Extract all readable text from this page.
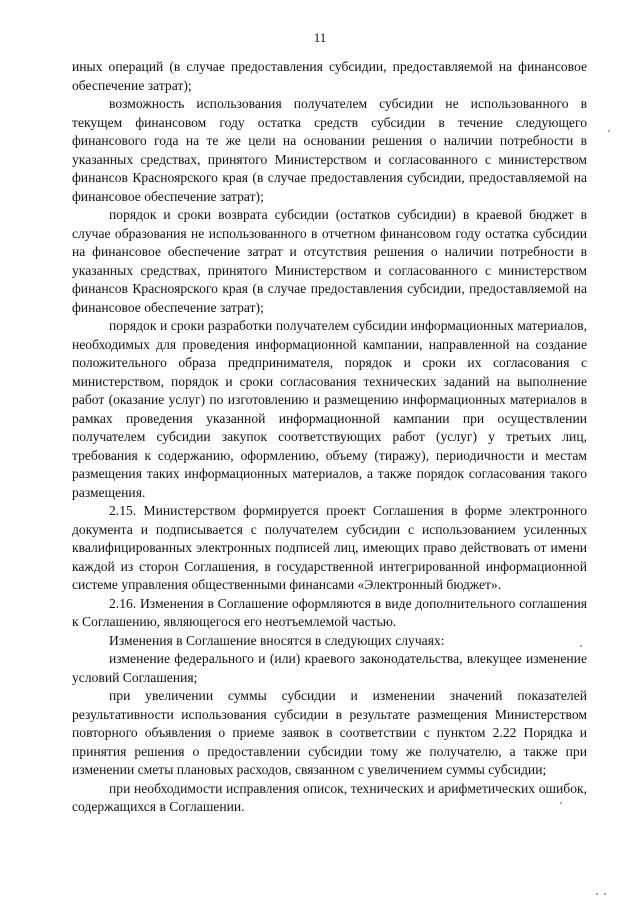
11

иных операций (в случае предоставления субсидии, предоставляемой на финансовое обеспечение затрат);

возможность использования получателем субсидии не использованного в текущем финансовом году остатка средств субсидии в течение следующего финансового года на те же цели на основании решения о наличии потребности в указанных средствах, принятого Министерством и согласованного с министерством финансов Красноярского края (в случае предоставления субсидии, предоставляемой на финансовое обеспечение затрат);

порядок и сроки возврата субсидии (остатков субсидии) в краевой бюджет в случае образования не использованного в отчетном финансовом году остатка субсидии на финансовое обеспечение затрат и отсутствия решения о наличии потребности в указанных средствах, принятого Министерством и согласованного с министерством финансов Красноярского края (в случае предоставления субсидии, предоставляемой на финансовое обеспечение затрат);

порядок и сроки разработки получателем субсидии информационных материалов, необходимых для проведения информационной кампании, направленной на создание положительного образа предпринимателя, порядок и сроки их согласования с министерством, порядок и сроки согласования технических заданий на выполнение работ (оказание услуг) по изготовлению и размещению информационных материалов в рамках проведения указанной информационной кампании при осуществлении получателем субсидии закупок соответствующих работ (услуг) у третьих лиц, требования к содержанию, оформлению, объему (тиражу), периодичности и местам размещения таких информационных материалов, а также порядок согласования такого размещения.

2.15. Министерством формируется проект Соглашения в форме электронного документа и подписывается с получателем субсидии с использованием усиленных квалифицированных электронных подписей лиц, имеющих право действовать от имени каждой из сторон Соглашения, в государственной интегрированной информационной системе управления общественными финансами «Электронный бюджет».

2.16. Изменения в Соглашение оформляются в виде дополнительного соглашения к Соглашению, являющегося его неотъемлемой частью.

Изменения в Соглашение вносятся в следующих случаях:

изменение федерального и (или) краевого законодательства, влекущее изменение условий Соглашения;

при увеличении суммы субсидии и изменении значений показателей результативности использования субсидии в результате размещения Министерством повторного объявления о приеме заявок в соответствии с пунктом 2.22 Порядка и принятия решения о предоставлении субсидии тому же получателю, а также при изменении сметы плановых расходов, связанном с увеличением суммы субсидии;

при необходимости исправления описок, технических и арифметических ошибок, содержащихся в Соглашении.
